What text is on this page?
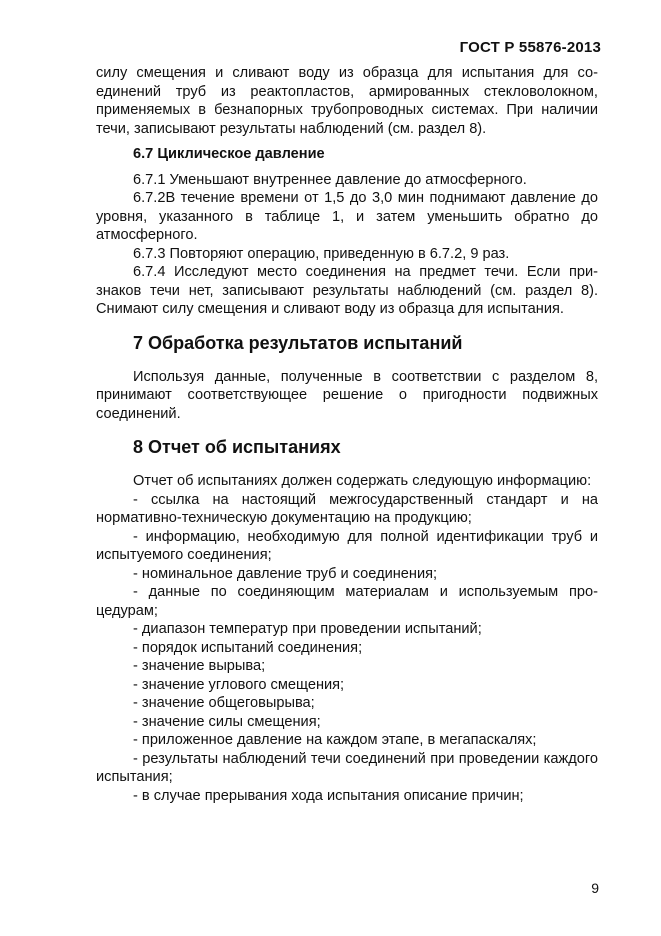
ГОСТ Р 55876-2013

силу смещения и сливают воду из образца для испытания для соединений труб из реактопластов, армированных стекловолокном, применяемых в безнапорных трубопроводных системах. При наличии течи, записывают результаты наблюдений (см. раздел 8).

6.7 Циклическое давление

6.7.1 Уменьшают внутреннее давление до атмосферного.

6.7.2В течение времени от 1,5 до 3,0 мин поднимают давление до уровня, указанного в таблице 1, и затем уменьшить обратно до атмосферного.

6.7.3 Повторяют операцию, приведенную в 6.7.2, 9 раз.

6.7.4 Исследуют место соединения на предмет течи. Если признаков течи нет, записывают результаты наблюдений (см. раздел 8). Снимают силу смещения и сливают воду из образца для испытания.

7 Обработка результатов испытаний

Используя данные, полученные в соответствии с разделом 8, принимают соответствующее решение о пригодности подвижных соединений.

8 Отчет об испытаниях

Отчет об испытаниях должен содержать следующую информацию:

- ссылка на настоящий межгосударственный стандарт и на нормативно-техническую документацию на продукцию;

- информацию, необходимую для полной идентификации труб и испытуемого соединения;

- номинальное давление труб и соединения;

- данные по соединяющим материалам и используемым процедурам;

- диапазон температур при проведении испытаний;

- порядок испытаний соединения;

- значение вырыва;

- значение углового смещения;

- значение общеговырыва;

- значение силы смещения;

- приложенное давление на каждом этапе, в мегапаскалях;

- результаты наблюдений течи соединений при проведении каждого испытания;

- в случае прерывания хода испытания описание причин;

9
